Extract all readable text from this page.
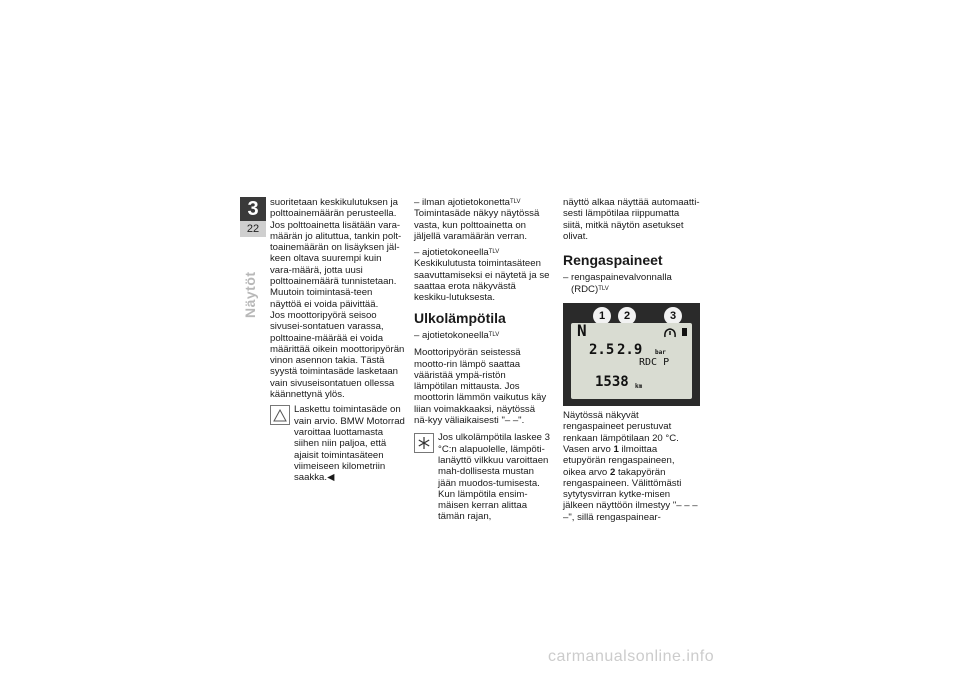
3
22
Näytöt

suoritetaan keskikulutuksen ja polttoainemäärän perusteella. Jos polttoainetta lisätään vara-määrän jo alituttua, tankin polt-toainemäärän on lisäyksen jäl-keen oltava suurempi kuin vara-määrä, jotta uusi polttoainemäärä tunnistetaan. Muutoin toimintasä-teen näyttöä ei voida päivittää.

Jos moottoripyörä seisoo sivusei-sontatuen varassa, polttoaine-määrää ei voida määrittää oikein moottoripyörän vinon asennon takia. Tästä syystä toimintasäde lasketaan vain sivuseisontatuen ollessa käännettynä ylös.

Laskettu toimintasäde on vain arvio. BMW Motorrad varoittaa luottamasta siihen niin paljoa, että ajaisit toimintasäteen viimeiseen kilometriin saakka.◀
– ilman ajotietokonetta$^{TLV}$

Toimintasäde näkyy näytössä vasta, kun polttoainetta on jäljellä varamäärän verran.

– ajotietokoneella$^{TLV}$

Keskikulutusta toimintasäteen saavuttamiseksi ei näytetä ja se saattaa erota näkyvästä keskiku-lutuksesta.

Ulkolämpötila
– ajotietokoneella$^{TLV}$

Moottoripyörän seistessä mootto-rin lämpö saattaa vääristää ympä-ristön lämpötilan mittausta. Jos moottorin lämmön vaikutus käy liian voimakkaaksi, näytössä nä-kyy väliaikaisesti "– –".

Jos ulkolämpötila laskee 3 °C:n alapuolelle, lämpöti-lanäyttö vilkkuu varoittaen mah-dollisesta mustan jään muodos-tumisesta. Kun lämpötila ensim-mäisen kerran alittaa tämän rajan,

näyttö alkaa näyttää automaatti-sesti lämpötilaa riippumatta siitä, mitkä näytön asetukset olivat.

Rengaspaineet
– rengaspainevalvonnalla (RDC)$^{TLV}$
1	2	3
N
2.5 2.9 bar
RDC P
1538 km

Näytössä näkyvät rengaspaineet perustuvat renkaan lämpötilaan 20 °C. Vasen arvo 1 ilmoittaa etupyörän rengaspaineen, oikea arvo 2 takapyörän rengaspaineen. Välittömästi sytytysvirran kytke-misen jälkeen näyttöön ilmestyy "– – – –", sillä rengaspainear-

carmanualsonline.info
